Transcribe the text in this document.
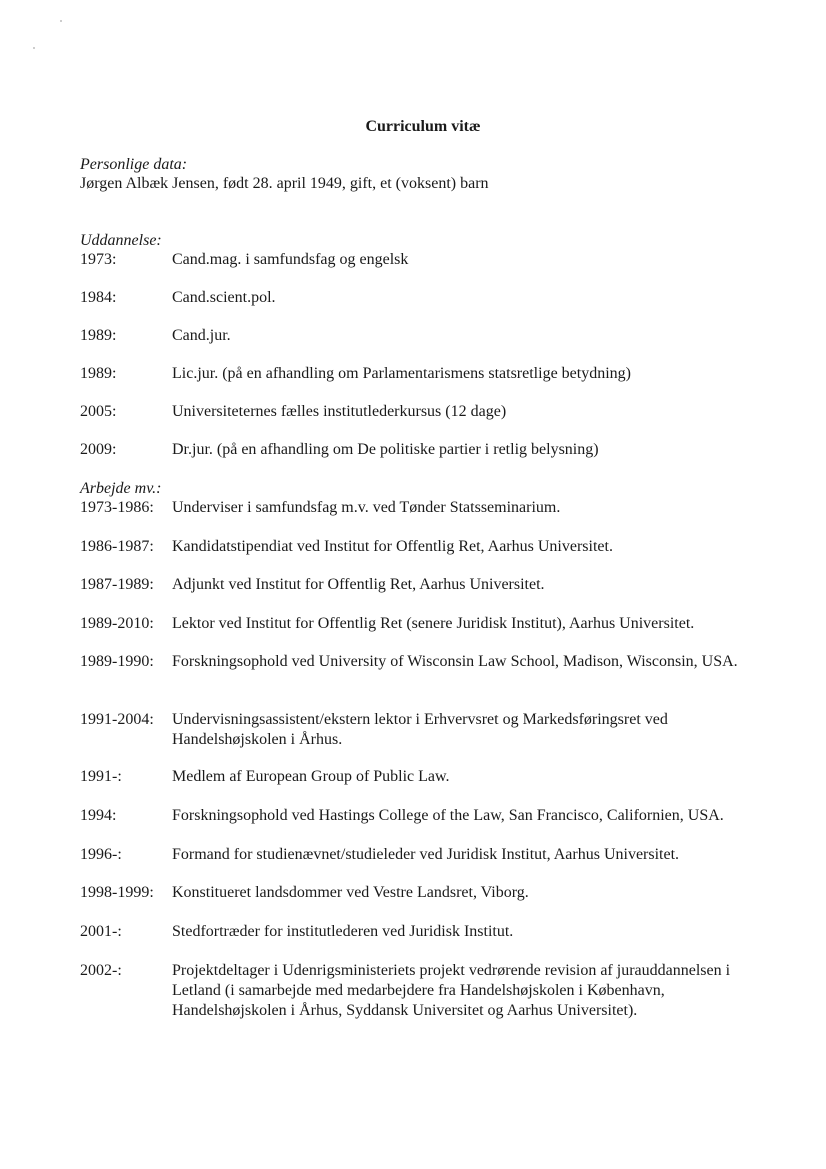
Curriculum vitæ
Personlige data:
Jørgen Albæk Jensen, født 28. april 1949, gift, et (voksent) barn
Uddannelse:
1973:	Cand.mag. i samfundsfag og engelsk
1984:	Cand.scient.pol.
1989:	Cand.jur.
1989:	Lic.jur. (på en afhandling om Parlamentarismens statsretlige betydning)
2005:	Universiteternes fælles institutlederkursus (12 dage)
2009:	Dr.jur. (på en afhandling om De politiske partier i retlig belysning)
Arbejde mv.:
1973-1986: Underviser i samfundsfag m.v. ved Tønder Statsseminarium.
1986-1987: Kandidatstipendiat ved Institut for Offentlig Ret, Aarhus Universitet.
1987-1989: Adjunkt ved Institut for Offentlig Ret, Aarhus Universitet.
1989-2010: Lektor ved Institut for Offentlig Ret (senere Juridisk Institut), Aarhus Universitet.
1989-1990: Forskningsophold ved University of Wisconsin Law School, Madison, Wisconsin, USA.
1991-2004: Undervisningsassistent/ekstern lektor i Erhvervsret og Markedsføringsret ved Handelshøjskolen i Århus.
1991-:	Medlem af European Group of Public Law.
1994:	Forskningsophold ved Hastings College of the Law, San Francisco, Californien, USA.
1996-:	Formand for studienævnet/studieleder ved Juridisk Institut, Aarhus Universitet.
1998-1999: Konstitueret landsdommer ved Vestre Landsret, Viborg.
2001-:	Stedfortræder for institutlederen ved Juridisk Institut.
2002-:	Projektdeltager i Udenrigsministeriets projekt vedrørende revision af jurauddannelsen i Letland (i samarbejde med medarbejdere fra Handelshøjskolen i København, Handelshøjskolen i Århus, Syddansk Universitet og Aarhus Universitet).
